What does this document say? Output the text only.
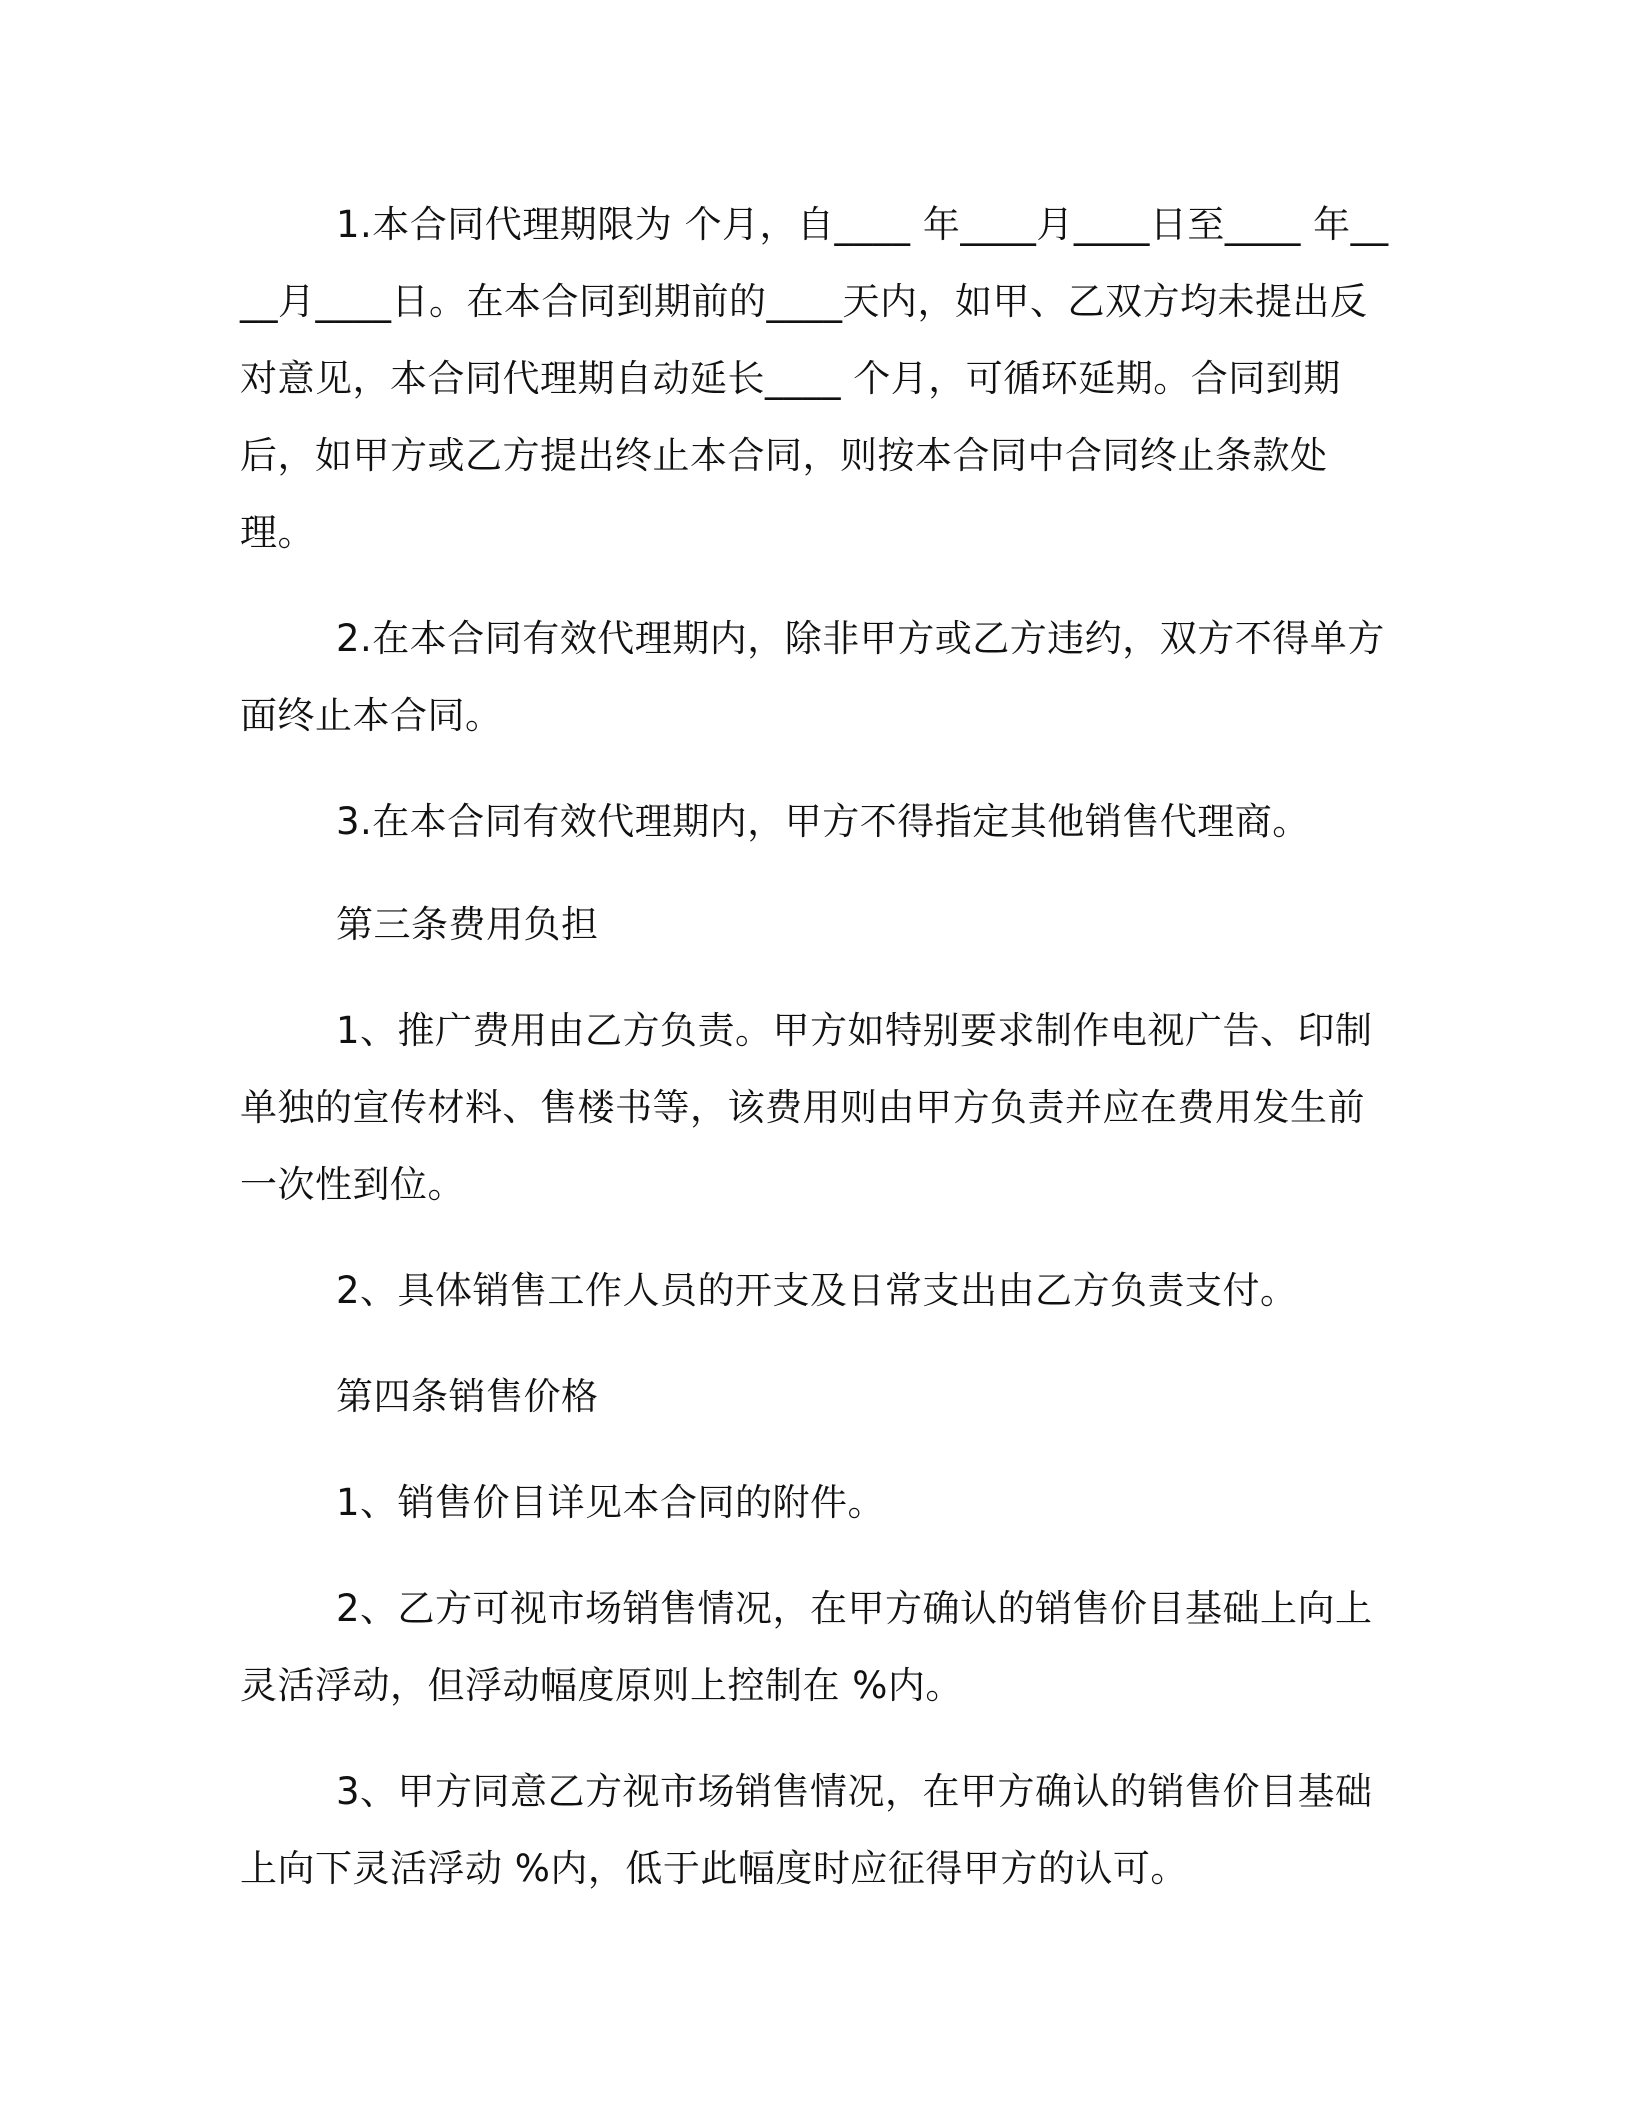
1.本合同代理期限为 个月，自____ 年____月____日至____ 年____月____日。在本合同到期前的____天内，如甲、乙双方均未提出反对意见，本合同代理期自动延长____ 个月，可循环延期。合同到期后，如甲方或乙方提出终止本合同，则按本合同中合同终止条款处理。

2.在本合同有效代理期内，除非甲方或乙方违约，双方不得单方面终止本合同。

3.在本合同有效代理期内，甲方不得指定其他销售代理商。

第三条费用负担

1、推广费用由乙方负责。甲方如特别要求制作电视广告、印制单独的宣传材料、售楼书等，该费用则由甲方负责并应在费用发生前一次性到位。

2、具体销售工作人员的开支及日常支出由乙方负责支付。

第四条销售价格

1、销售价目详见本合同的附件。

2、乙方可视市场销售情况，在甲方确认的销售价目基础上向上灵活浮动，但浮动幅度原则上控制在 %内。

3、甲方同意乙方视市场销售情况，在甲方确认的销售价目基础上向下灵活浮动 %内，低于此幅度时应征得甲方的认可。
